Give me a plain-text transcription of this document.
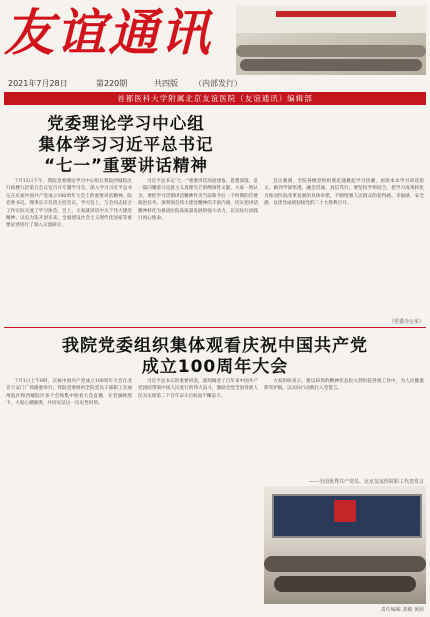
友谊通讯
2021年7月28日	第220期	共四版 （内部发行）
首都医科大学附属北京友谊医院（友谊通讯）编辑部
党委理论学习中心组
集体学习习近平总书记
“七一”重要讲话精神

7月13日下午，我院党委理论学习中心组在我院西城院区行政楼九层第五会议室召开专题学习会，深入学习习近平总书记在庆祝中国共产党成立100周年大会上的重要讲话精神。院党委书记、理事长辛有清主持会议。学习会上，与会同志结合工作实际交流了学习体会。会上，大家就讲话中关于伟大建党精神、以史为鉴开创未来、全面建设社会主义现代化国家等重要论述进行了深入交流研讨。

习近平总书记“七一”重要讲话高屋建瓴、思想深邃，是一篇闪耀着马克思主义真理光芒的纲领性文献。大家一致认为，要把学习贯彻讲话精神作为当前和今后一个时期的首要政治任务，深刻领会伟大建党精神的丰富内涵，切实把讲话精神转化为推动医院高质量发展的强大动力，以实际行动践行初心使命。

会议强调，全院各级党组织要迅速掀起学习热潮，原原本本学习讲话原文，做到学深悟透、融会贯通、真信笃行。要坚持学用结合，把学习成果转化为推动医院改革发展的具体举措，不断增强人民群众的获得感、幸福感、安全感，以优异成绩迎接党的二十大胜利召开。

（党委办公室）
我院党委组织集体观看庆祝中国共产党
成立100周年大会

7月1日上午8时，庆祝中国共产党成立100周年大会在北京天安门广场隆重举行。我院党委组织全院党员干部职工在通州院区和西城院区多个会场集中收看大会直播，在党旗映照下，大家心潮澎湃，共同见证这一历史性时刻。

习近平总书记的重要讲话，深刻阐述了百年来中国共产党团结带领中国人民进行的伟大奋斗，激励全党全国各族人民为实现第二个百年奋斗目标而不懈奋斗。

大家纷纷表示，要以昂扬的精神状态投入到医院各项工作中，为人民健康保驾护航，以实际行动践行入党誓言。

——全国优秀共产党员、北京友谊医院职工代表发言
责任编辑 刘敏 黄源
